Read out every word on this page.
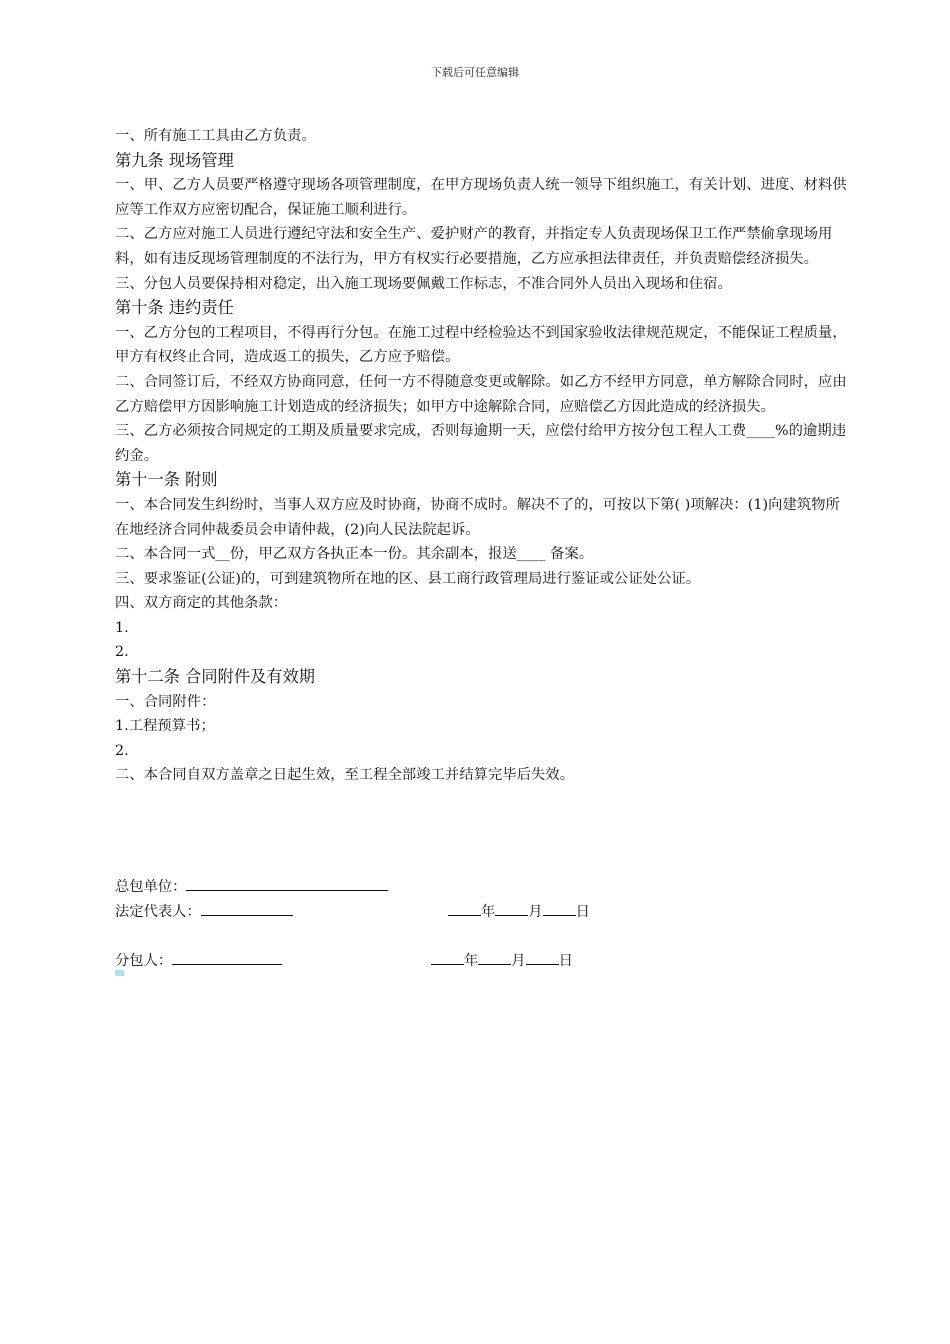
下载后可任意编辑

一、所有施工工具由乙方负责。

第九条 现场管理

一、甲、乙方人员要严格遵守现场各项管理制度，在甲方现场负责人统一领导下组织施工，有关计划、进度、材料供应等工作双方应密切配合，保证施工顺利进行。

二、乙方应对施工人员进行遵纪守法和安全生产、爱护财产的教育，并指定专人负责现场保卫工作严禁偷拿现场用料，如有违反现场管理制度的不法行为，甲方有权实行必要措施，乙方应承担法律责任，并负责赔偿经济损失。

三、分包人员要保持相对稳定，出入施工现场要佩戴工作标志，不准合同外人员出入现场和住宿。

第十条 违约责任

一、乙方分包的工程项目，不得再行分包。在施工过程中经检验达不到国家验收法律规范规定，不能保证工程质量，甲方有权终止合同，造成返工的损失，乙方应予赔偿。

二、合同签订后，不经双方协商同意，任何一方不得随意变更或解除。如乙方不经甲方同意，单方解除合同时，应由乙方赔偿甲方因影响施工计划造成的经济损失；如甲方中途解除合同，应赔偿乙方因此造成的经济损失。

三、乙方必须按合同规定的工期及质量要求完成，否则每逾期一天，应偿付给甲方按分包工程人工费____%的逾期违约金。

第十一条 附则

一、本合同发生纠纷时，当事人双方应及时协商，协商不成时。解决不了的，可按以下第( )项解决：(1)向建筑物所在地经济合同仲裁委员会申请仲裁，(2)向人民法院起诉。

二、本合同一式__份，甲乙双方各执正本一份。其余副本，报送____ 备案。

三、要求鉴证(公证)的，可到建筑物所在地的区、县工商行政管理局进行鉴证或公证处公证。

四、双方商定的其他条款：

1.

2.

第十二条 合同附件及有效期

一、合同附件：

1.工程预算书；

2.

二、本合同自双方盖章之日起生效，至工程全部竣工并结算完毕后失效。

总包单位：
法定代表人：	年 月 日
分包人：	年 月 日
